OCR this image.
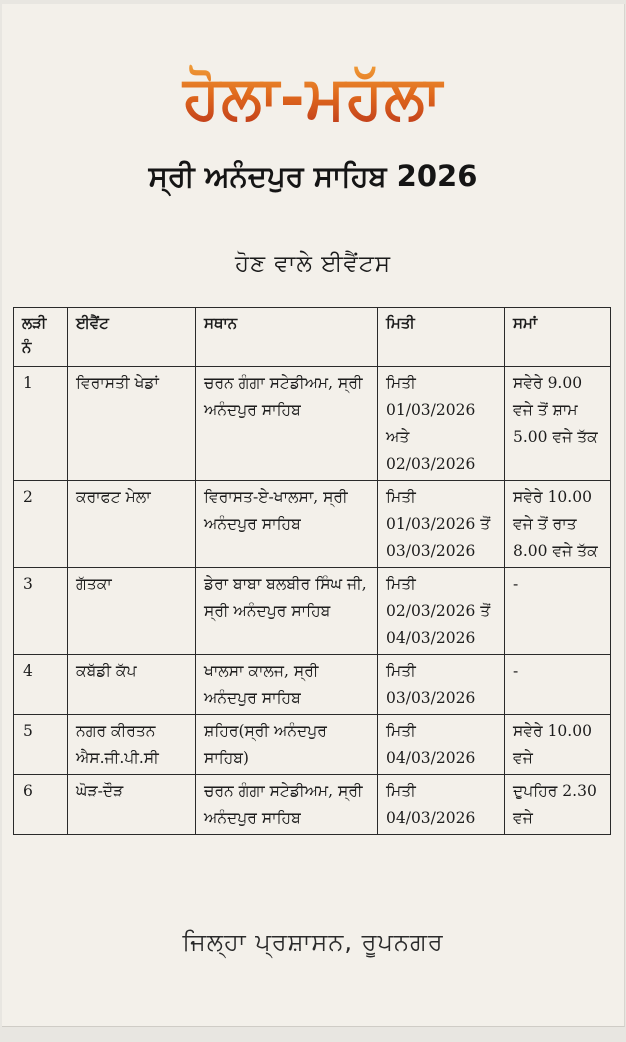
ਹੋਲਾ-ਮਹੱਲਾ
ਸ੍ਰੀ ਅਨੰਦਪੁਰ ਸਾਹਿਬ 2026
ਹੋਣ ਵਾਲੇ ਈਵੈਂਟਸ
ਲੜੀ ਨੰ	ਈਵੈਂਟ	ਸਥਾਨ	ਮਿਤੀ	ਸਮਾਂ
1	ਵਿਰਾਸਤੀ ਖੇਡਾਂ	ਚਰਨ ਗੰਗਾ ਸਟੇਡੀਅਮ, ਸ੍ਰੀ ਅਨੰਦਪੁਰ ਸਾਹਿਬ	ਮਿਤੀ 01/03/2026 ਅਤੇ 02/03/2026	ਸਵੇਰੇ 9.00 ਵਜੇ ਤੋਂ ਸ਼ਾਮ 5.00 ਵਜੇ ਤੱਕ
2	ਕਰਾਫਟ ਮੇਲਾ	ਵਿਰਾਸਤ-ਏ-ਖਾਲਸਾ, ਸ੍ਰੀ ਅਨੰਦਪੁਰ ਸਾਹਿਬ	ਮਿਤੀ 01/03/2026 ਤੋਂ 03/03/2026	ਸਵੇਰੇ 10.00 ਵਜੇ ਤੋਂ ਰਾਤ 8.00 ਵਜੇ ਤੱਕ
3	ਗੱਤਕਾ	ਡੇਰਾ ਬਾਬਾ ਬਲਬੀਰ ਸਿੰਘ ਜੀ, ਸ੍ਰੀ ਅਨੰਦਪੁਰ ਸਾਹਿਬ	ਮਿਤੀ 02/03/2026 ਤੋਂ 04/03/2026	-
4	ਕਬੱਡੀ ਕੱਪ	ਖਾਲਸਾ ਕਾਲਜ, ਸ੍ਰੀ ਅਨੰਦਪੁਰ ਸਾਹਿਬ	ਮਿਤੀ 03/03/2026	-
5	ਨਗਰ ਕੀਰਤਨ ਐਸ.ਜੀ.ਪੀ.ਸੀ	ਸ਼ਹਿਰ(ਸ੍ਰੀ ਅਨੰਦਪੁਰ ਸਾਹਿਬ)	ਮਿਤੀ 04/03/2026	ਸਵੇਰੇ 10.00 ਵਜੇ
6	ਘੋੜ-ਦੌੜ	ਚਰਨ ਗੰਗਾ ਸਟੇਡੀਅਮ, ਸ੍ਰੀ ਅਨੰਦਪੁਰ ਸਾਹਿਬ	ਮਿਤੀ 04/03/2026	ਦੁਪਹਿਰ 2.30 ਵਜੇ
ਜਿਲ੍ਹਾ ਪ੍ਰਸ਼ਾਸਨ, ਰੂਪਨਗਰ
